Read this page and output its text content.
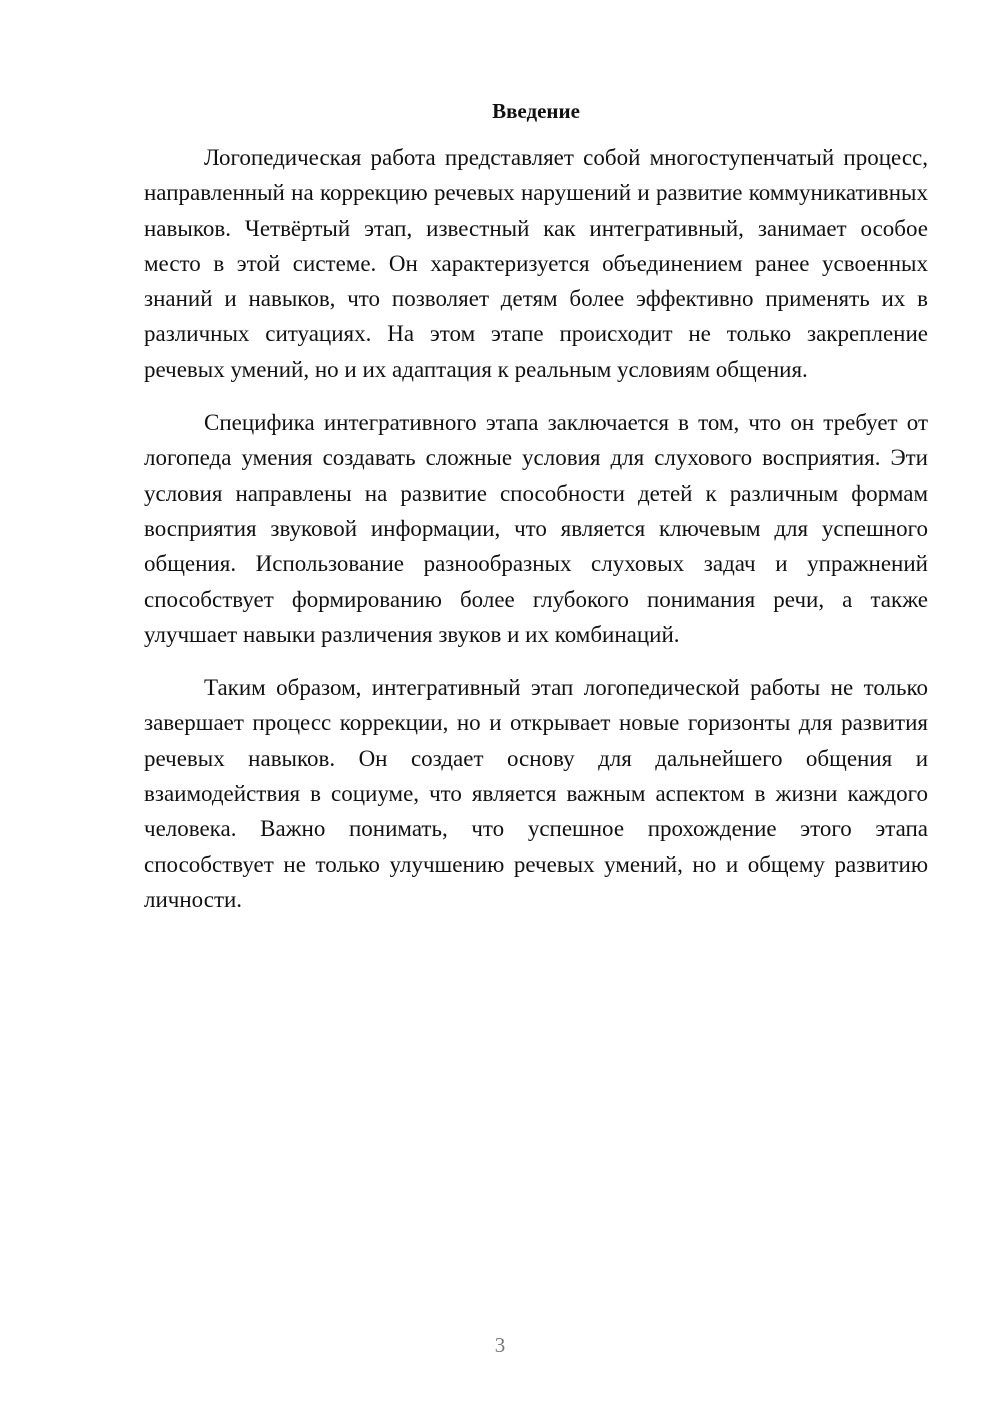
Введение

Логопедическая работа представляет собой многоступенчатый процесс, направленный на коррекцию речевых нарушений и развитие коммуникативных навыков. Четвёртый этап, известный как интегративный, занимает особое место в этой системе. Он характеризуется объединением ранее усвоенных знаний и навыков, что позволяет детям более эффективно применять их в различных ситуациях. На этом этапе происходит не только закрепление речевых умений, но и их адаптация к реальным условиям общения.

Специфика интегративного этапа заключается в том, что он требует от логопеда умения создавать сложные условия для слухового восприятия. Эти условия направлены на развитие способности детей к различным формам восприятия звуковой информации, что является ключевым для успешного общения. Использование разнообразных слуховых задач и упражнений способствует формированию более глубокого понимания речи, а также улучшает навыки различения звуков и их комбинаций.

Таким образом, интегративный этап логопедической работы не только завершает процесс коррекции, но и открывает новые горизонты для развития речевых навыков. Он создает основу для дальнейшего общения и взаимодействия в социуме, что является важным аспектом в жизни каждого человека. Важно понимать, что успешное прохождение этого этапа способствует не только улучшению речевых умений, но и общему развитию личности.

3
